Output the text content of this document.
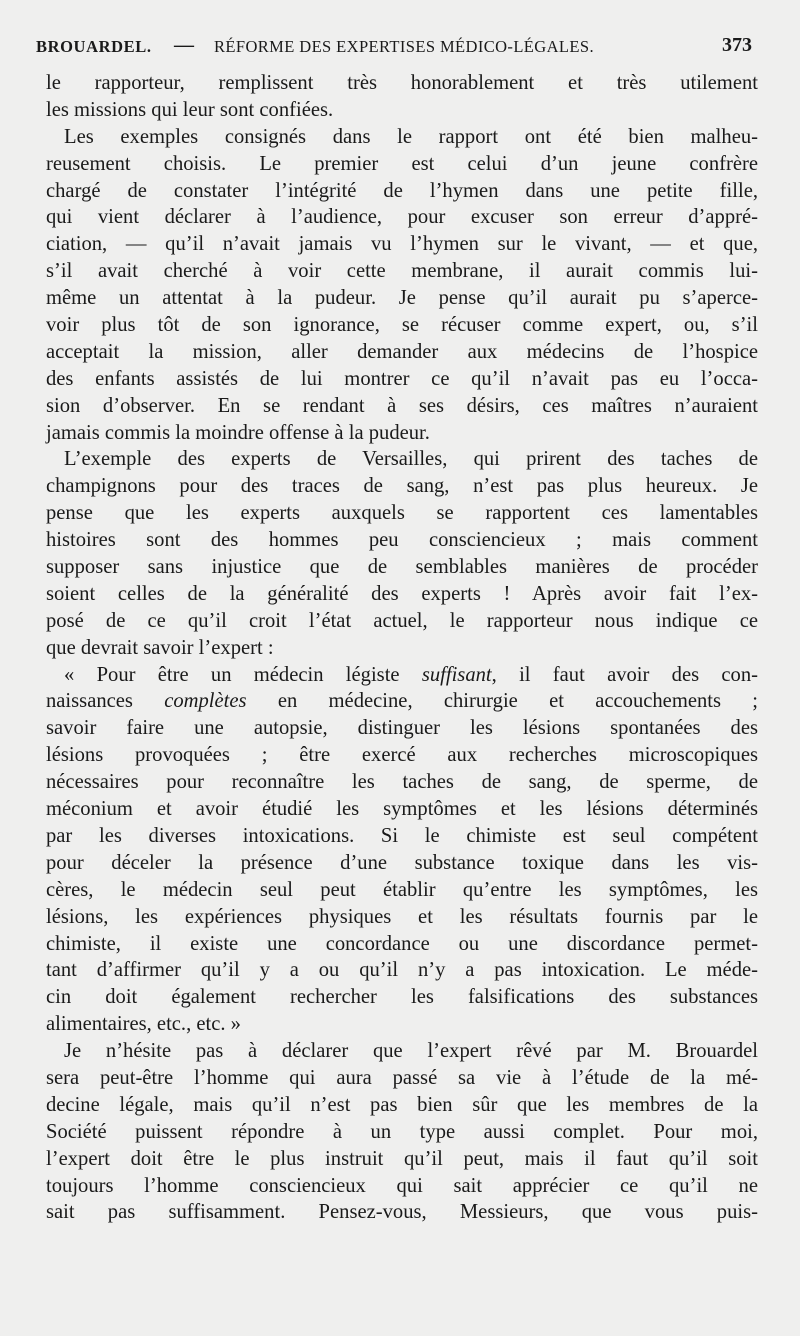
BROUARDEL. — RÉFORME DES EXPERTISES MÉDICO-LÉGALES.	373
le rapporteur, remplissent très honorablement et très utilement
les missions qui leur sont confiées.
Les exemples consignés dans le rapport ont été bien malheu-
reusement choisis. Le premier est celui d’un jeune confrère
chargé de constater l’intégrité de l’hymen dans une petite fille,
qui vient déclarer à l’audience, pour excuser son erreur d’appré-
ciation, — qu’il n’avait jamais vu l’hymen sur le vivant, — et que,
s’il avait cherché à voir cette membrane, il aurait commis lui-
même un attentat à la pudeur. Je pense qu’il aurait pu s’aperce-
voir plus tôt de son ignorance, se récuser comme expert, ou, s’il
acceptait la mission, aller demander aux médecins de l’hospice
des enfants assistés de lui montrer ce qu’il n’avait pas eu l’occa-
sion d’observer. En se rendant à ses désirs, ces maîtres n’auraient
jamais commis la moindre offense à la pudeur.
L’exemple des experts de Versailles, qui prirent des taches de
champignons pour des traces de sang, n’est pas plus heureux. Je
pense que les experts auxquels se rapportent ces lamentables
histoires sont des hommes peu consciencieux ; mais comment
supposer sans injustice que de semblables manières de procéder
soient celles de la généralité des experts ! Après avoir fait l’ex-
posé de ce qu’il croit l’état actuel, le rapporteur nous indique ce
que devrait savoir l’expert :
« Pour être un médecin légiste suffisant, il faut avoir des con-
naissances complètes en médecine, chirurgie et accouchements ;
savoir faire une autopsie, distinguer les lésions spontanées des
lésions provoquées ; être exercé aux recherches microscopiques
nécessaires pour reconnaître les taches de sang, de sperme, de
méconium et avoir étudié les symptômes et les lésions déterminés
par les diverses intoxications. Si le chimiste est seul compétent
pour déceler la présence d’une substance toxique dans les vis-
cères, le médecin seul peut établir qu’entre les symptômes, les
lésions, les expériences physiques et les résultats fournis par le
chimiste, il existe une concordance ou une discordance permet-
tant d’affirmer qu’il y a ou qu’il n’y a pas intoxication. Le méde-
cin doit également rechercher les falsifications des substances
alimentaires, etc., etc. »
Je n’hésite pas à déclarer que l’expert rêvé par M. Brouardel
sera peut-être l’homme qui aura passé sa vie à l’étude de la mé-
decine légale, mais qu’il n’est pas bien sûr que les membres de la
Société puissent répondre à un type aussi complet. Pour moi,
l’expert doit être le plus instruit qu’il peut, mais il faut qu’il soit
toujours l’homme consciencieux qui sait apprécier ce qu’il ne
sait pas suffisamment. Pensez-vous, Messieurs, que vous puis-
